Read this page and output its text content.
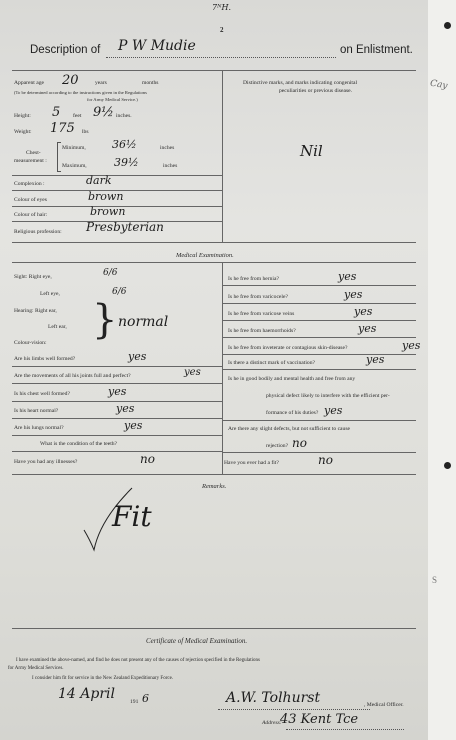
7ᴺH.
2
Description of P W Mudie	on Enlistment.
Apparent age 20	years	months
(To be determined according to the instructions given in the Regulations
for Army Medical Service.)
Height: 5 feet 9½ inches.
Weight: 175 lbs
Chest-
measurement :
Minimum, 36½	inches
Maximum, 39½	inches
Complexion :	dark
Colour of eyes	brown
Colour of hair:	brown
Religious profession: Presbyterian
Distinctive marks, and marks indicating congenital
peculiarities or previous disease.
Nil
Medical Examination.
Sight: Right eye,	6/6
Left eye,	6/6
Hearing: Right ear,
Left ear, } normal
Colour-vision:
Are his limbs well formed?	yes
Are the movements of all his joints full and perfect?	yes
Is his chest well formed?	yes
Is his heart normal?	yes
Are his lungs normal?	yes
What is the condition of the teeth?
Have you had any illnesses?	no
Is he free from hernia?	yes
Is he free from varicocele?	yes
Is he free from varicose veins	yes
Is he free from haemorrhoids?	yes
Is he free from inveterate or contagious skin-disease?	yes
Is there a distinct mark of vaccination?	yes
Is he in good bodily and mental health and free from any
physical defect likely to interfere with the efficient per-
formance of his duties? yes
Are there any slight defects, but not sufficient to cause
rejection? no
Have you ever had a fit?	no
Remarks.
Fit
Certificate of Medical Examination.
I have examined the above-named, and find he does not present any of the causes of rejection specified in the Regulations
for Army Medical Services.
I consider him fit for service in the New Zealand Expeditionary Force.
14 April	191 6	A.W. Tolhurst	, Medical Officer.
Address:
43 Kent Tce
Cay
S
